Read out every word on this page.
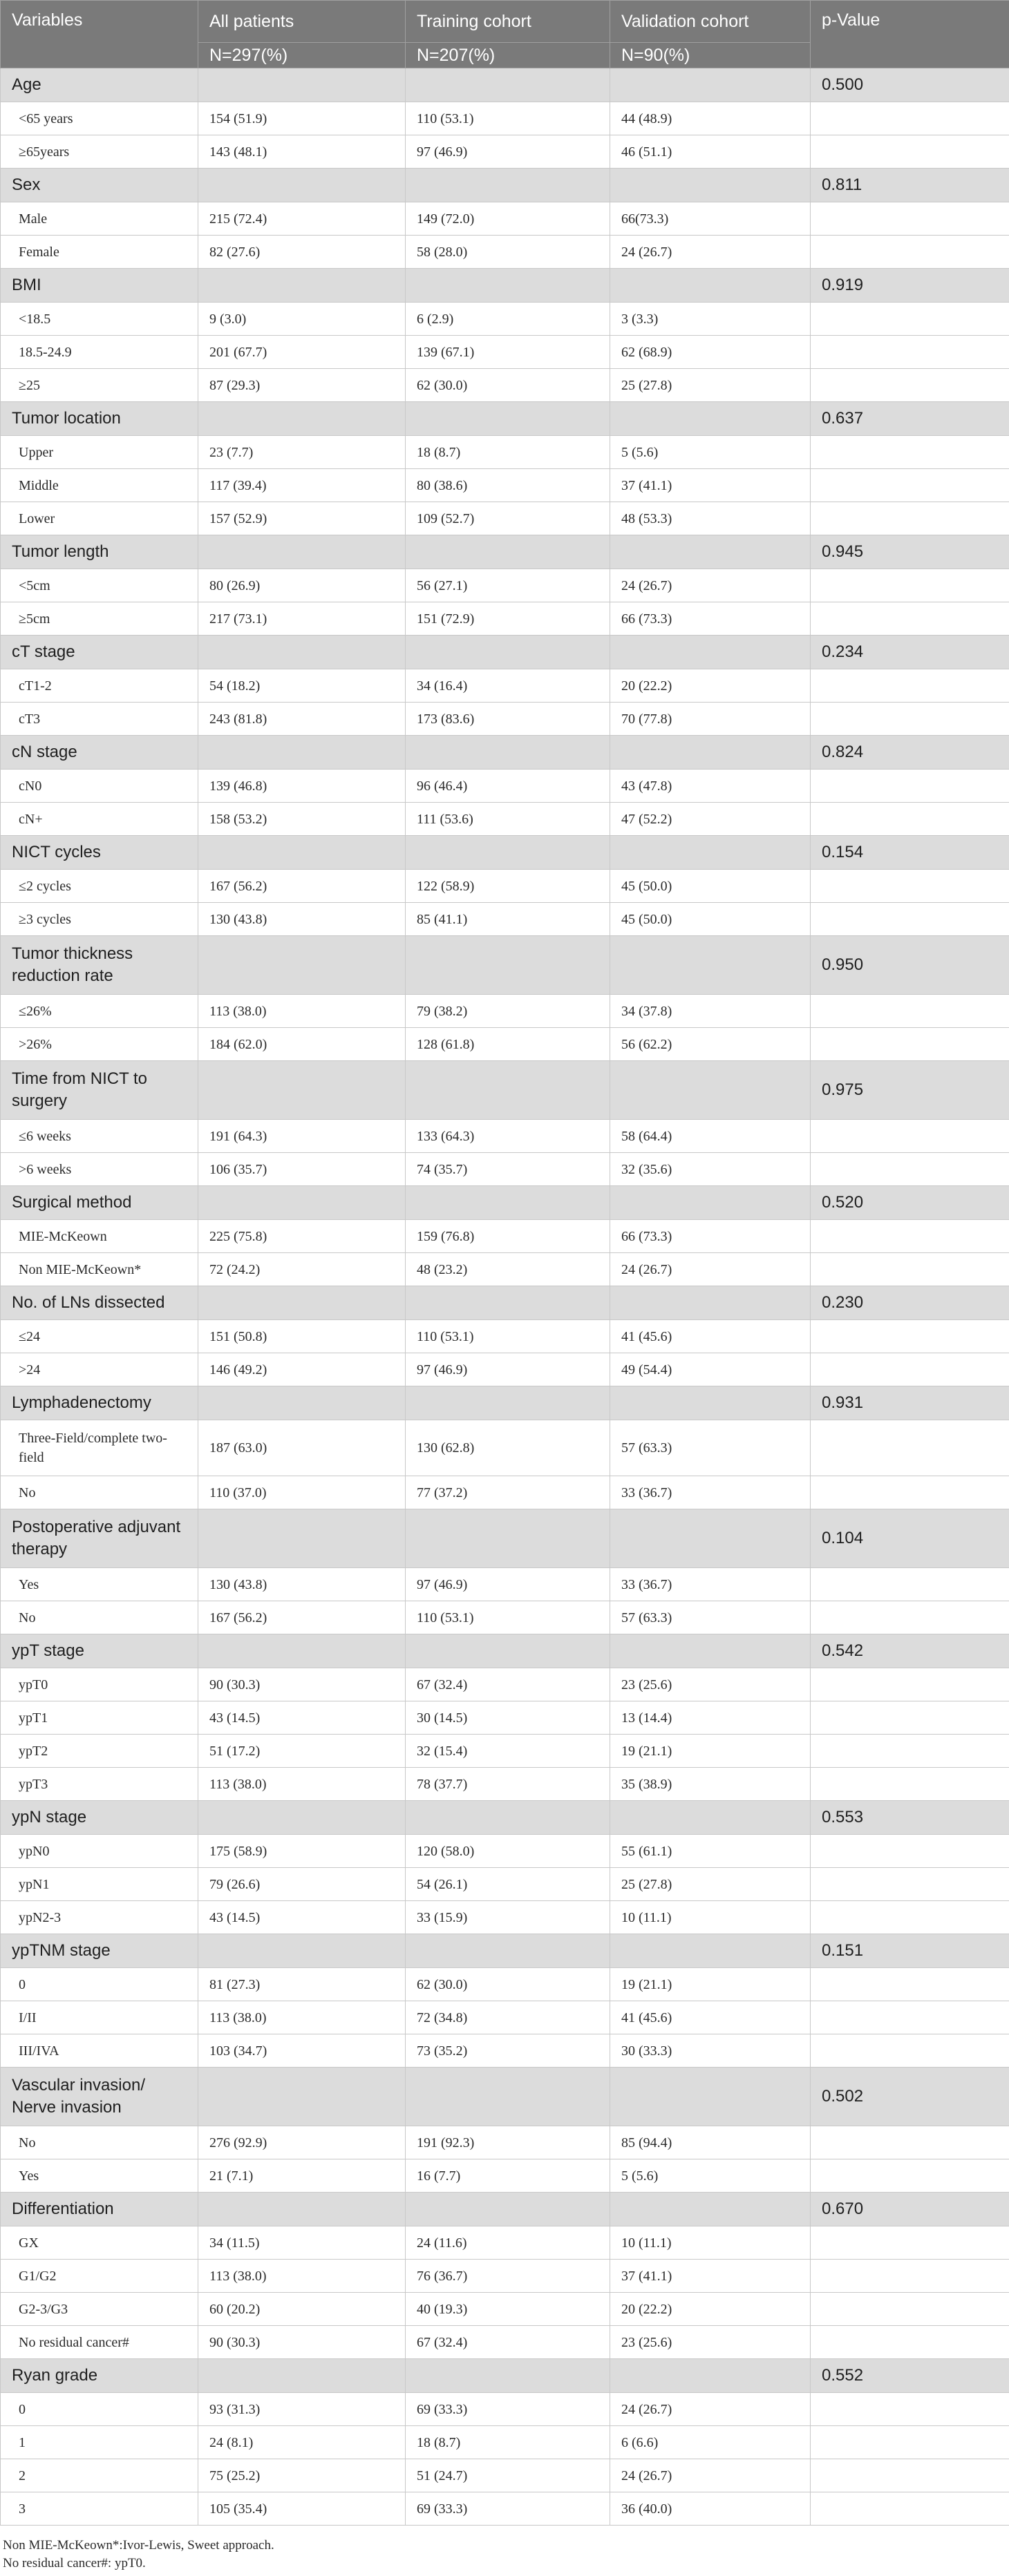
Variables	All patients	Training cohort	Validation cohort	p-Value
	N=297(%)	N=207(%)	N=90(%)	
Age				0.500
<65 years	154 (51.9)	110 (53.1)	44 (48.9)	
≥65years	143 (48.1)	97 (46.9)	46 (51.1)	
Sex				0.811
Male	215 (72.4)	149 (72.0)	66(73.3)	
Female	82 (27.6)	58 (28.0)	24 (26.7)	
BMI				0.919
<18.5	9 (3.0)	6 (2.9)	3 (3.3)	
18.5-24.9	201 (67.7)	139 (67.1)	62 (68.9)	
≥25	87 (29.3)	62 (30.0)	25 (27.8)	
Tumor location				0.637
Upper	23 (7.7)	18 (8.7)	5 (5.6)	
Middle	117 (39.4)	80 (38.6)	37 (41.1)	
Lower	157 (52.9)	109 (52.7)	48 (53.3)	
Tumor length				0.945
<5cm	80 (26.9)	56 (27.1)	24 (26.7)	
≥5cm	217 (73.1)	151 (72.9)	66 (73.3)	
cT stage				0.234
cT1-2	54 (18.2)	34 (16.4)	20 (22.2)	
cT3	243 (81.8)	173 (83.6)	70 (77.8)	
cN stage				0.824
cN0	139 (46.8)	96 (46.4)	43 (47.8)	
cN+	158 (53.2)	111 (53.6)	47 (52.2)	
NICT cycles				0.154
≤2 cycles	167 (56.2)	122 (58.9)	45 (50.0)	
≥3 cycles	130 (43.8)	85 (41.1)	45 (50.0)	
Tumor thickness reduction rate				0.950
≤26%	113 (38.0)	79 (38.2)	34 (37.8)	
>26%	184 (62.0)	128 (61.8)	56 (62.2)	
Time from NICT to surgery				0.975
≤6 weeks	191 (64.3)	133 (64.3)	58 (64.4)	
>6 weeks	106 (35.7)	74 (35.7)	32 (35.6)	
Surgical method				0.520
MIE-McKeown	225 (75.8)	159 (76.8)	66 (73.3)	
Non MIE-McKeown*	72 (24.2)	48 (23.2)	24 (26.7)	
No. of LNs dissected				0.230
≤24	151 (50.8)	110 (53.1)	41 (45.6)	
>24	146 (49.2)	97 (46.9)	49 (54.4)	
Lymphadenectomy				0.931
Three-Field/complete two-field	187 (63.0)	130 (62.8)	57 (63.3)	
No	110 (37.0)	77 (37.2)	33 (36.7)	
Postoperative adjuvant therapy				0.104
Yes	130 (43.8)	97 (46.9)	33 (36.7)	
No	167 (56.2)	110 (53.1)	57 (63.3)	
ypT stage				0.542
ypT0	90 (30.3)	67 (32.4)	23 (25.6)	
ypT1	43 (14.5)	30 (14.5)	13 (14.4)	
ypT2	51 (17.2)	32 (15.4)	19 (21.1)	
ypT3	113 (38.0)	78 (37.7)	35 (38.9)	
ypN stage				0.553
ypN0	175 (58.9)	120 (58.0)	55 (61.1)	
ypN1	79 (26.6)	54 (26.1)	25 (27.8)	
ypN2-3	43 (14.5)	33 (15.9)	10 (11.1)	
ypTNM stage				0.151
0	81 (27.3)	62 (30.0)	19 (21.1)	
I/II	113 (38.0)	72 (34.8)	41 (45.6)	
III/IVA	103 (34.7)	73 (35.2)	30 (33.3)	
Vascular invasion/ Nerve invasion				0.502
No	276 (92.9)	191 (92.3)	85 (94.4)	
Yes	21 (7.1)	16 (7.7)	5 (5.6)	
Differentiation				0.670
GX	34 (11.5)	24 (11.6)	10 (11.1)	
G1/G2	113 (38.0)	76 (36.7)	37 (41.1)	
G2-3/G3	60 (20.2)	40 (19.3)	20 (22.2)	
No residual cancer#	90 (30.3)	67 (32.4)	23 (25.6)	
Ryan grade				0.552
0	93 (31.3)	69 (33.3)	24 (26.7)	
1	24 (8.1)	18 (8.7)	6 (6.6)	
2	75 (25.2)	51 (24.7)	24 (26.7)	
3	105 (35.4)	69 (33.3)	36 (40.0)	
Non MIE-McKeown*:Ivor-Lewis, Sweet approach.
No residual cancer#: ypT0.
